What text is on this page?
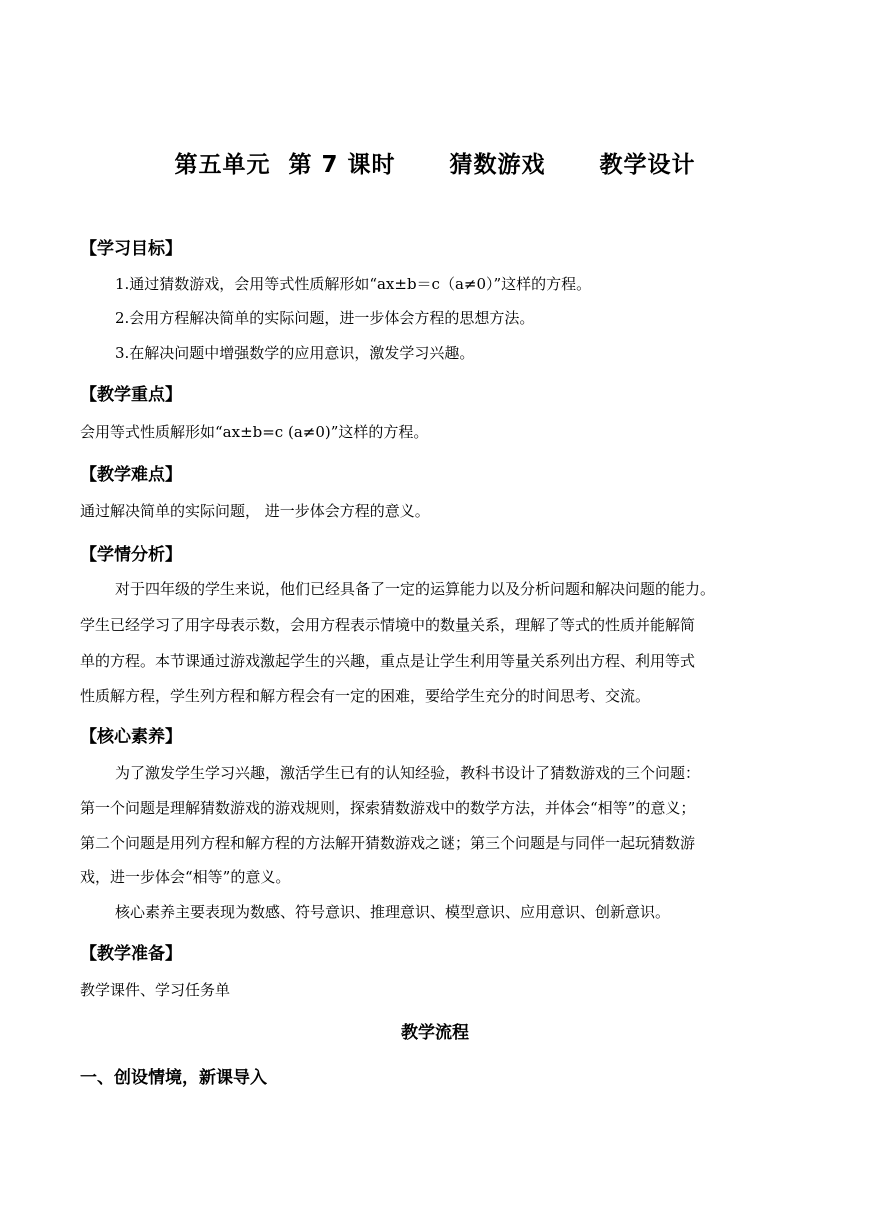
第五单元  第 7 课时      猜数游戏      教学设计
【学习目标】
1.通过猜数游戏，会用等式性质解形如“ax±b＝c（a≠0）”这样的方程。
2.会用方程解决简单的实际问题，进一步体会方程的思想方法。
3.在解决问题中增强数学的应用意识，激发学习兴趣。
【教学重点】
会用等式性质解形如“ax±b=c (a≠0)”这样的方程。
【教学难点】
通过解决简单的实际问题， 进一步体会方程的意义。
【学情分析】
对于四年级的学生来说，他们已经具备了一定的运算能力以及分析问题和解决问题的能力。
学生已经学习了用字母表示数，会用方程表示情境中的数量关系，理解了等式的性质并能解简
单的方程。本节课通过游戏激起学生的兴趣，重点是让学生利用等量关系列出方程、利用等式
性质解方程，学生列方程和解方程会有一定的困难，要给学生充分的时间思考、交流。
【核心素养】
为了激发学生学习兴趣，激活学生已有的认知经验，教科书设计了猜数游戏的三个问题：
第一个问题是理解猜数游戏的游戏规则，探索猜数游戏中的数学方法，并体会“相等”的意义；
第二个问题是用列方程和解方程的方法解开猜数游戏之谜；第三个问题是与同伴一起玩猜数游
戏，进一步体会“相等”的意义。
核心素养主要表现为数感、符号意识、推理意识、模型意识、应用意识、创新意识。
【教学准备】
教学课件、学习任务单
教学流程
一、创设情境，新课导入
